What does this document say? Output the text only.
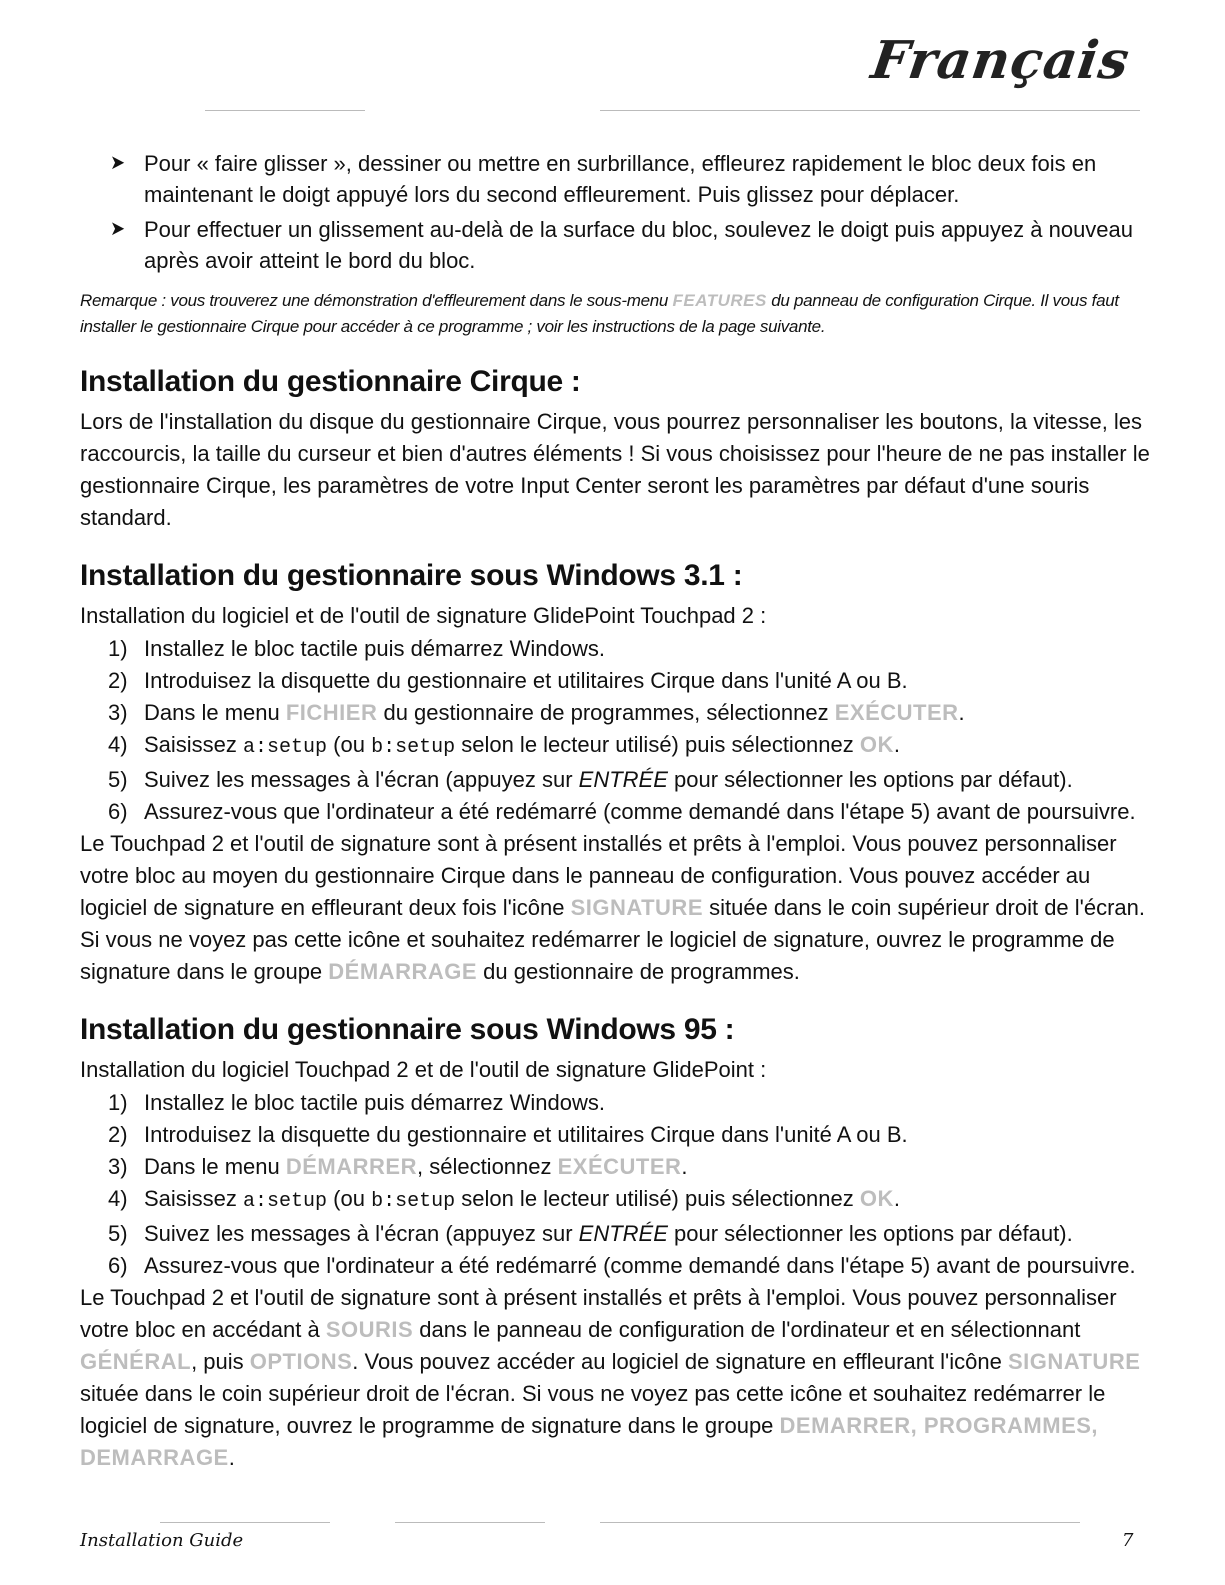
Français
➤ Pour « faire glisser », dessiner ou mettre en surbrillance, effleurez rapidement le bloc deux fois en maintenant le doigt appuyé lors du second effleurement. Puis glissez pour déplacer.
➤ Pour effectuer un glissement au-delà de la surface du bloc, soulevez le doigt puis appuyez à nouveau après avoir atteint le bord du bloc.

Remarque : vous trouverez une démonstration d'effleurement dans le sous-menu FEATURES du panneau de configuration Cirque. Il vous faut installer le gestionnaire Cirque pour accéder à ce programme ; voir les instructions de la page suivante.

Installation du gestionnaire Cirque :

Lors de l'installation du disque du gestionnaire Cirque, vous pourrez personnaliser les boutons, la vitesse, les raccourcis, la taille du curseur et bien d'autres éléments ! Si vous choisissez pour l'heure de ne pas installer le gestionnaire Cirque, les paramètres de votre Input Center seront les paramètres par défaut d'une souris standard.

Installation du gestionnaire sous Windows 3.1 :

Installation du logiciel et de l'outil de signature GlidePoint Touchpad 2 :

1) Installez le bloc tactile puis démarrez Windows.
2) Introduisez la disquette du gestionnaire et utilitaires Cirque dans l'unité A ou B.
3) Dans le menu FICHIER du gestionnaire de programmes, sélectionnez EXÉCUTER.
4) Saisissez a:setup (ou b:setup selon le lecteur utilisé) puis sélectionnez OK.
5) Suivez les messages à l'écran (appuyez sur ENTRÉE pour sélectionner les options par défaut).
6) Assurez-vous que l'ordinateur a été redémarré (comme demandé dans l'étape 5) avant de poursuivre.

Le Touchpad 2 et l'outil de signature sont à présent installés et prêts à l'emploi. Vous pouvez personnaliser votre bloc au moyen du gestionnaire Cirque dans le panneau de configuration. Vous pouvez accéder au logiciel de signature en effleurant deux fois l'icône SIGNATURE située dans le coin supérieur droit de l'écran. Si vous ne voyez pas cette icône et souhaitez redémarrer le logiciel de signature, ouvrez le programme de signature dans le groupe DÉMARRAGE du gestionnaire de programmes.

Installation du gestionnaire sous Windows 95 :

Installation du logiciel Touchpad 2 et de l'outil de signature GlidePoint :

1) Installez le bloc tactile puis démarrez Windows.
2) Introduisez la disquette du gestionnaire et utilitaires Cirque dans l'unité A ou B.
3) Dans le menu DÉMARRER, sélectionnez EXÉCUTER.
4) Saisissez a:setup (ou b:setup selon le lecteur utilisé) puis sélectionnez OK.
5) Suivez les messages à l'écran (appuyez sur ENTRÉE pour sélectionner les options par défaut).
6) Assurez-vous que l'ordinateur a été redémarré (comme demandé dans l'étape 5) avant de poursuivre.

Le Touchpad 2 et l'outil de signature sont à présent installés et prêts à l'emploi. Vous pouvez personnaliser votre bloc en accédant à SOURIS dans le panneau de configuration de l'ordinateur et en sélectionnant GÉNÉRAL, puis OPTIONS. Vous pouvez accéder au logiciel de signature en effleurant l'icône SIGNATURE située dans le coin supérieur droit de l'écran. Si vous ne voyez pas cette icône et souhaitez redémarrer le logiciel de signature, ouvrez le programme de signature dans le groupe DEMARRER, PROGRAMMES, DEMARRAGE.

Installation Guide	7
